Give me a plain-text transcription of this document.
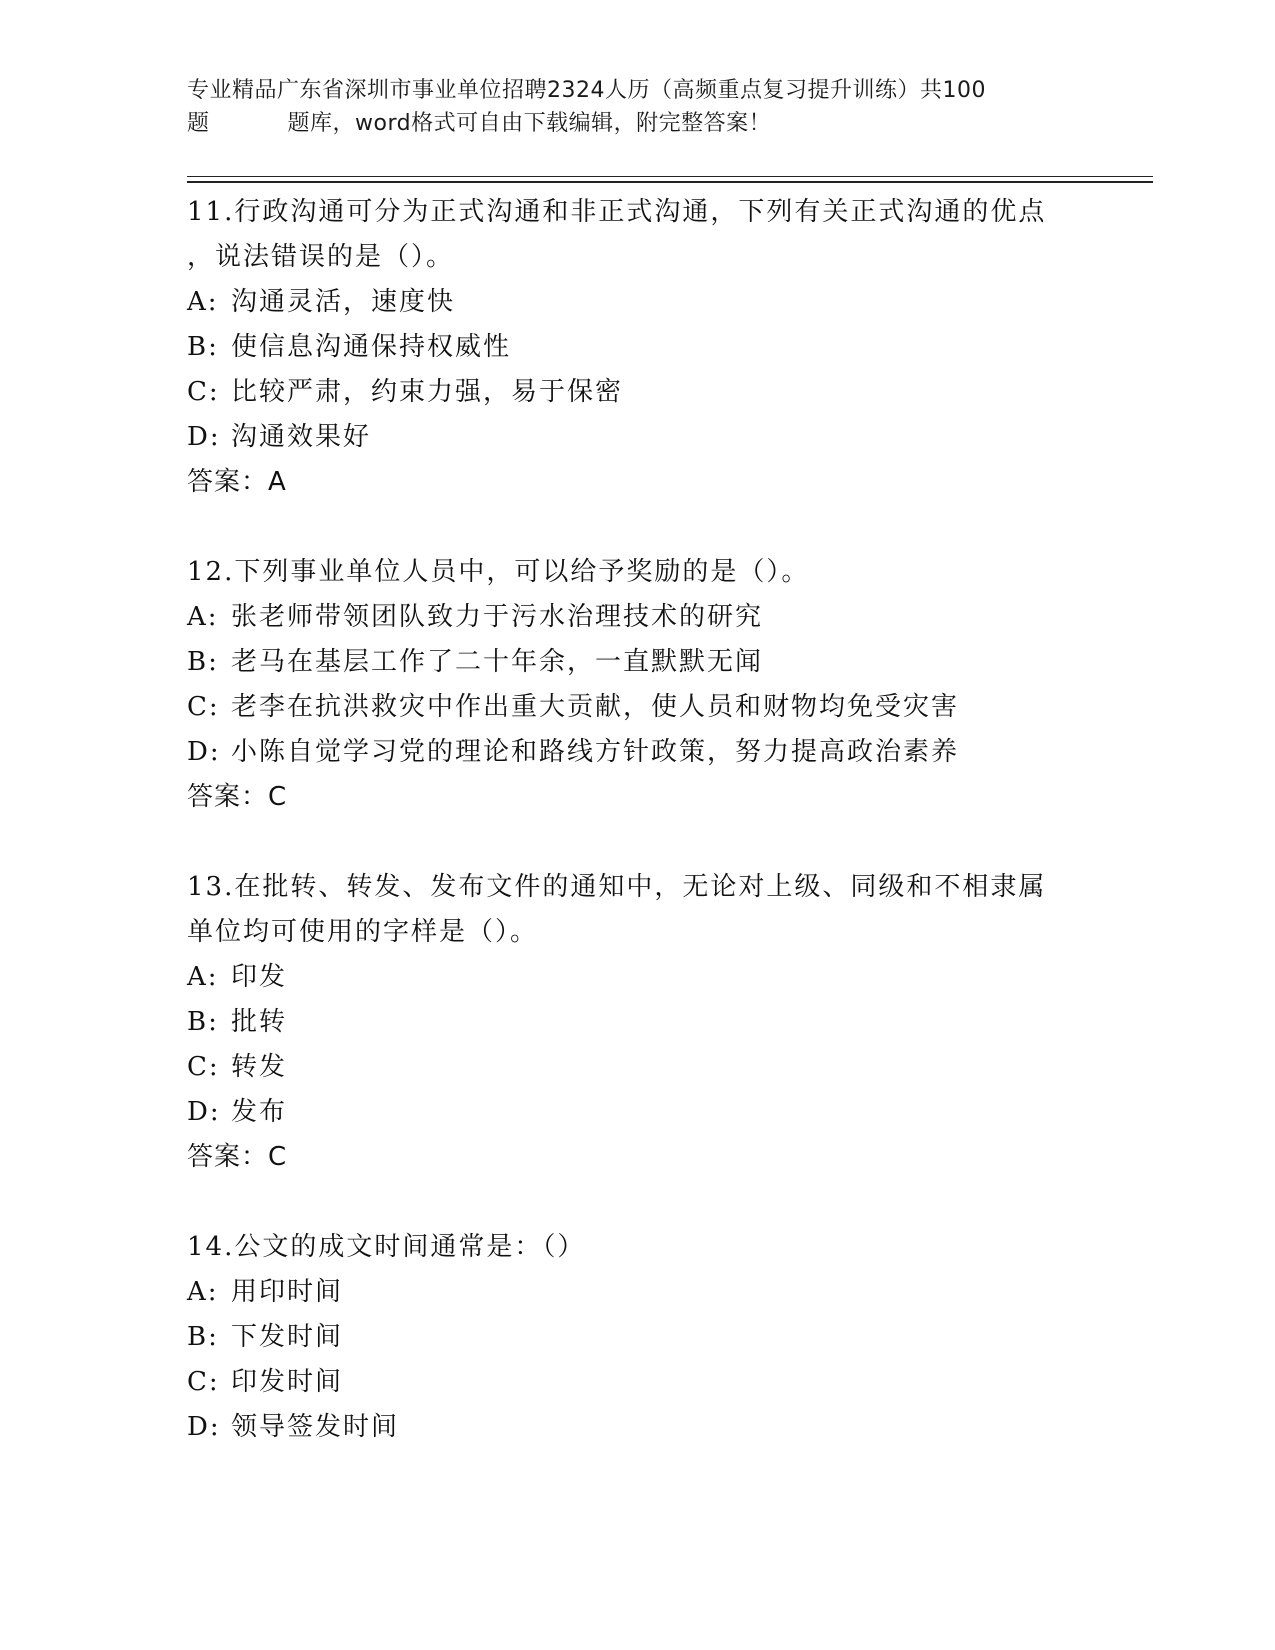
专业精品广东省深圳市事业单位招聘2324人历（高频重点复习提升训练）共100
题	题库，word格式可自由下载编辑，附完整答案！

11.行政沟通可分为正式沟通和非正式沟通，下列有关正式沟通的优点

，说法错误的是（）。

A: 沟通灵活，速度快

B: 使信息沟通保持权威性

C: 比较严肃，约束力强，易于保密

D: 沟通效果好

答案：A

12.下列事业单位人员中，可以给予奖励的是（）。

A: 张老师带领团队致力于污水治理技术的研究

B: 老马在基层工作了二十年余，一直默默无闻

C: 老李在抗洪救灾中作出重大贡献，使人员和财物均免受灾害

D: 小陈自觉学习党的理论和路线方针政策，努力提高政治素养

答案：C

13.在批转、转发、发布文件的通知中，无论对上级、同级和不相隶属

单位均可使用的字样是（）。

A: 印发

B: 批转

C: 转发

D: 发布

答案：C

14.公文的成文时间通常是：（）

A: 用印时间

B: 下发时间

C: 印发时间

D: 领导签发时间
